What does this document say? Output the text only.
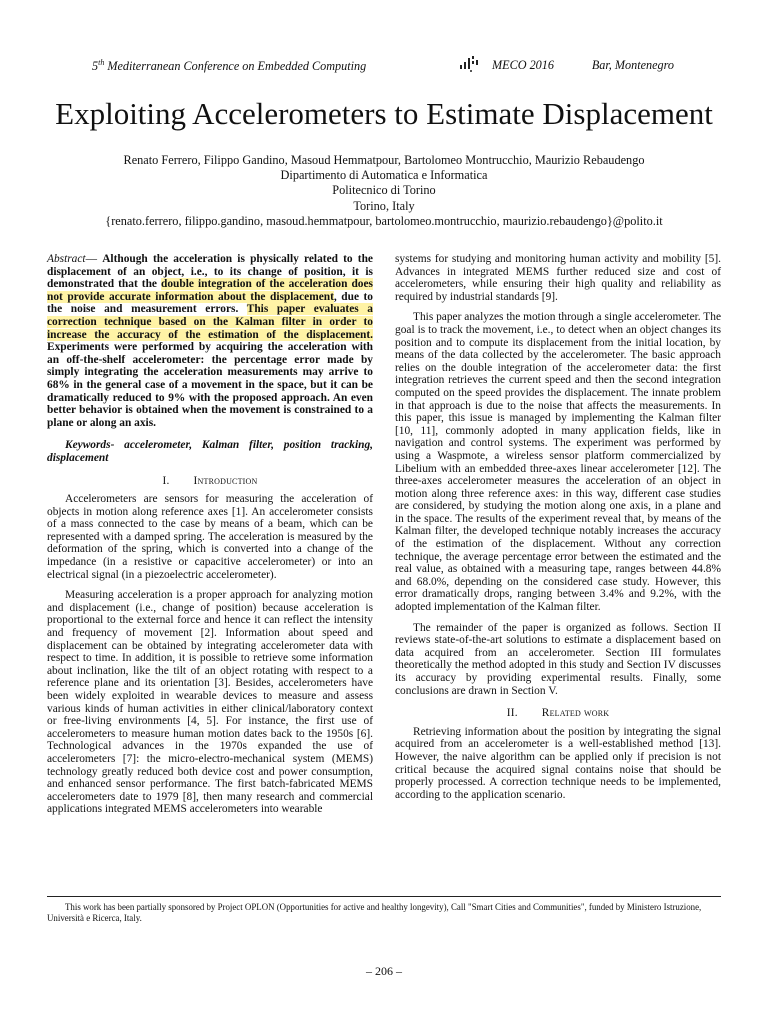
5th Mediterranean Conference on Embedded Computing	MECO 2016	Bar, Montenegro
Exploiting Accelerometers to Estimate Displacement
Renato Ferrero, Filippo Gandino, Masoud Hemmatpour, Bartolomeo Montrucchio, Maurizio Rebaudengo
Dipartimento di Automatica e Informatica
Politecnico di Torino
Torino, Italy
{renato.ferrero, filippo.gandino, masoud.hemmatpour, bartolomeo.montrucchio, maurizio.rebaudengo}@polito.it

Abstract— Although the acceleration is physically related to the displacement of an object, i.e., to its change of position, it is demonstrated that the double integration of the acceleration does not provide accurate information about the displacement, due to the noise and measurement errors. This paper evaluates a correction technique based on the Kalman filter in order to increase the accuracy of the estimation of the displacement. Experiments were performed by acquiring the acceleration with an off-the-shelf accelerometer: the percentage error made by simply integrating the acceleration measurements may arrive to 68% in the general case of a movement in the space, but it can be dramatically reduced to 9% with the proposed approach. An even better behavior is obtained when the movement is constrained to a plane or along an axis.

Keywords- accelerometer, Kalman filter, position tracking, displacement

I. Introduction

Accelerometers are sensors for measuring the acceleration of objects in motion along reference axes [1]. An accelerometer consists of a mass connected to the case by means of a beam, which can be represented with a damped spring. The acceleration is measured by the deformation of the spring, which is converted into a change of the impedance (in a resistive or capacitive accelerometer) or into an electrical signal (in a piezoelectric accelerometer).

Measuring acceleration is a proper approach for analyzing motion and displacement (i.e., change of position) because acceleration is proportional to the external force and hence it can reflect the intensity and frequency of movement [2]. Information about speed and displacement can be obtained by integrating accelerometer data with respect to time. In addition, it is possible to retrieve some information about inclination, like the tilt of an object rotating with respect to a reference plane and its orientation [3]. Besides, accelerometers have been widely exploited in wearable devices to measure and assess various kinds of human activities in either clinical/laboratory context or free-living environments [4, 5]. For instance, the first use of accelerometers to measure human motion dates back to the 1950s [6]. Technological advances in the 1970s expanded the use of accelerometers [7]: the micro-electro-mechanical system (MEMS) technology greatly reduced both device cost and power consumption, and enhanced sensor performance. The first batch-fabricated MEMS accelerometers date to 1979 [8], then many research and commercial applications integrated MEMS accelerometers into wearable

systems for studying and monitoring human activity and mobility [5]. Advances in integrated MEMS further reduced size and cost of accelerometers, while ensuring their high quality and reliability as required by industrial standards [9].

This paper analyzes the motion through a single accelerometer. The goal is to track the movement, i.e., to detect when an object changes its position and to compute its displacement from the initial location, by means of the data collected by the accelerometer. The basic approach relies on the double integration of the accelerometer data: the first integration retrieves the current speed and then the second integration computed on the speed provides the displacement. The innate problem in that approach is due to the noise that affects the measurements. In this paper, this issue is managed by implementing the Kalman filter [10, 11], commonly adopted in many application fields, like in navigation and control systems. The experiment was performed by using a Waspmote, a wireless sensor platform commercialized by Libelium with an embedded three-axes linear accelerometer [12]. The three-axes accelerometer measures the acceleration of an object in motion along three reference axes: in this way, different case studies are considered, by studying the motion along one axis, in a plane and in the space. The results of the experiment reveal that, by means of the Kalman filter, the developed technique notably increases the accuracy of the estimation of the displacement. Without any correction technique, the average percentage error between the estimated and the real value, as obtained with a measuring tape, ranges between 44.8% and 68.0%, depending on the considered case study. However, this error dramatically drops, ranging between 3.4% and 9.2%, with the adopted implementation of the Kalman filter.

The remainder of the paper is organized as follows. Section II reviews state-of-the-art solutions to estimate a displacement based on data acquired from an accelerometer. Section III formulates theoretically the method adopted in this study and Section IV discusses its accuracy by providing experimental results. Finally, some conclusions are drawn in Section V.

II. Related work

Retrieving information about the position by integrating the signal acquired from an accelerometer is a well-established method [13]. However, the naive algorithm can be applied only if precision is not critical because the acquired signal contains noise that should be properly processed. A correction technique needs to be implemented, according to the application scenario.

This work has been partially sponsored by Project OPLON (Opportunities for active and healthy longevity), Call "Smart Cities and Communities", funded by Ministero Istruzione, Università e Ricerca, Italy.

– 206 –
